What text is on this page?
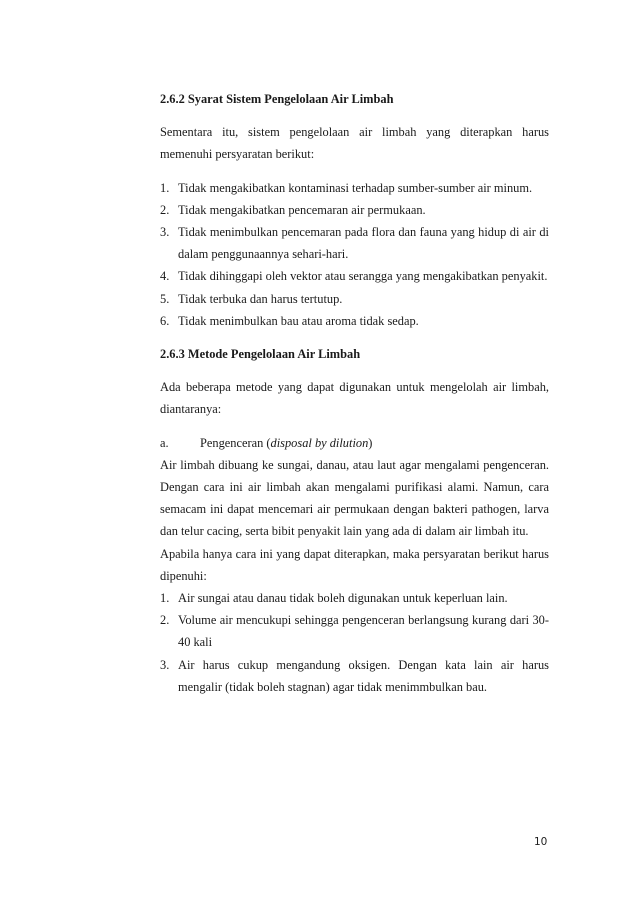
2.6.2 Syarat Sistem Pengelolaan Air Limbah

Sementara itu, sistem pengelolaan air limbah yang diterapkan harus memenuhi persyaratan berikut:

1. Tidak mengakibatkan kontaminasi terhadap sumber-sumber air minum.
2. Tidak mengakibatkan pencemaran air permukaan.
3. Tidak menimbulkan pencemaran pada flora dan fauna yang hidup di air di dalam penggunaannya sehari-hari.
4. Tidak dihinggapi oleh vektor atau serangga yang mengakibatkan penyakit.
5. Tidak terbuka dan harus tertutup.
6. Tidak menimbulkan bau atau aroma tidak sedap.

2.6.3 Metode Pengelolaan Air Limbah

Ada beberapa metode yang dapat digunakan untuk mengelolah air limbah, diantaranya:

a.	Pengenceran (disposal by dilution)

Air limbah dibuang ke sungai, danau, atau laut agar mengalami pengenceran. Dengan cara ini air limbah akan mengalami purifikasi alami. Namun, cara semacam ini dapat mencemari air permukaan dengan bakteri pathogen, larva dan telur cacing, serta bibit penyakit lain yang ada di dalam air limbah itu.

Apabila hanya cara ini yang dapat diterapkan, maka persyaratan berikut harus dipenuhi:

1. Air sungai atau danau tidak boleh digunakan untuk keperluan lain.
2. Volume air mencukupi sehingga pengenceran berlangsung kurang dari 30-40 kali
3. Air harus cukup mengandung oksigen. Dengan kata lain air harus mengalir (tidak boleh stagnan) agar tidak menimmbulkan bau.
10
